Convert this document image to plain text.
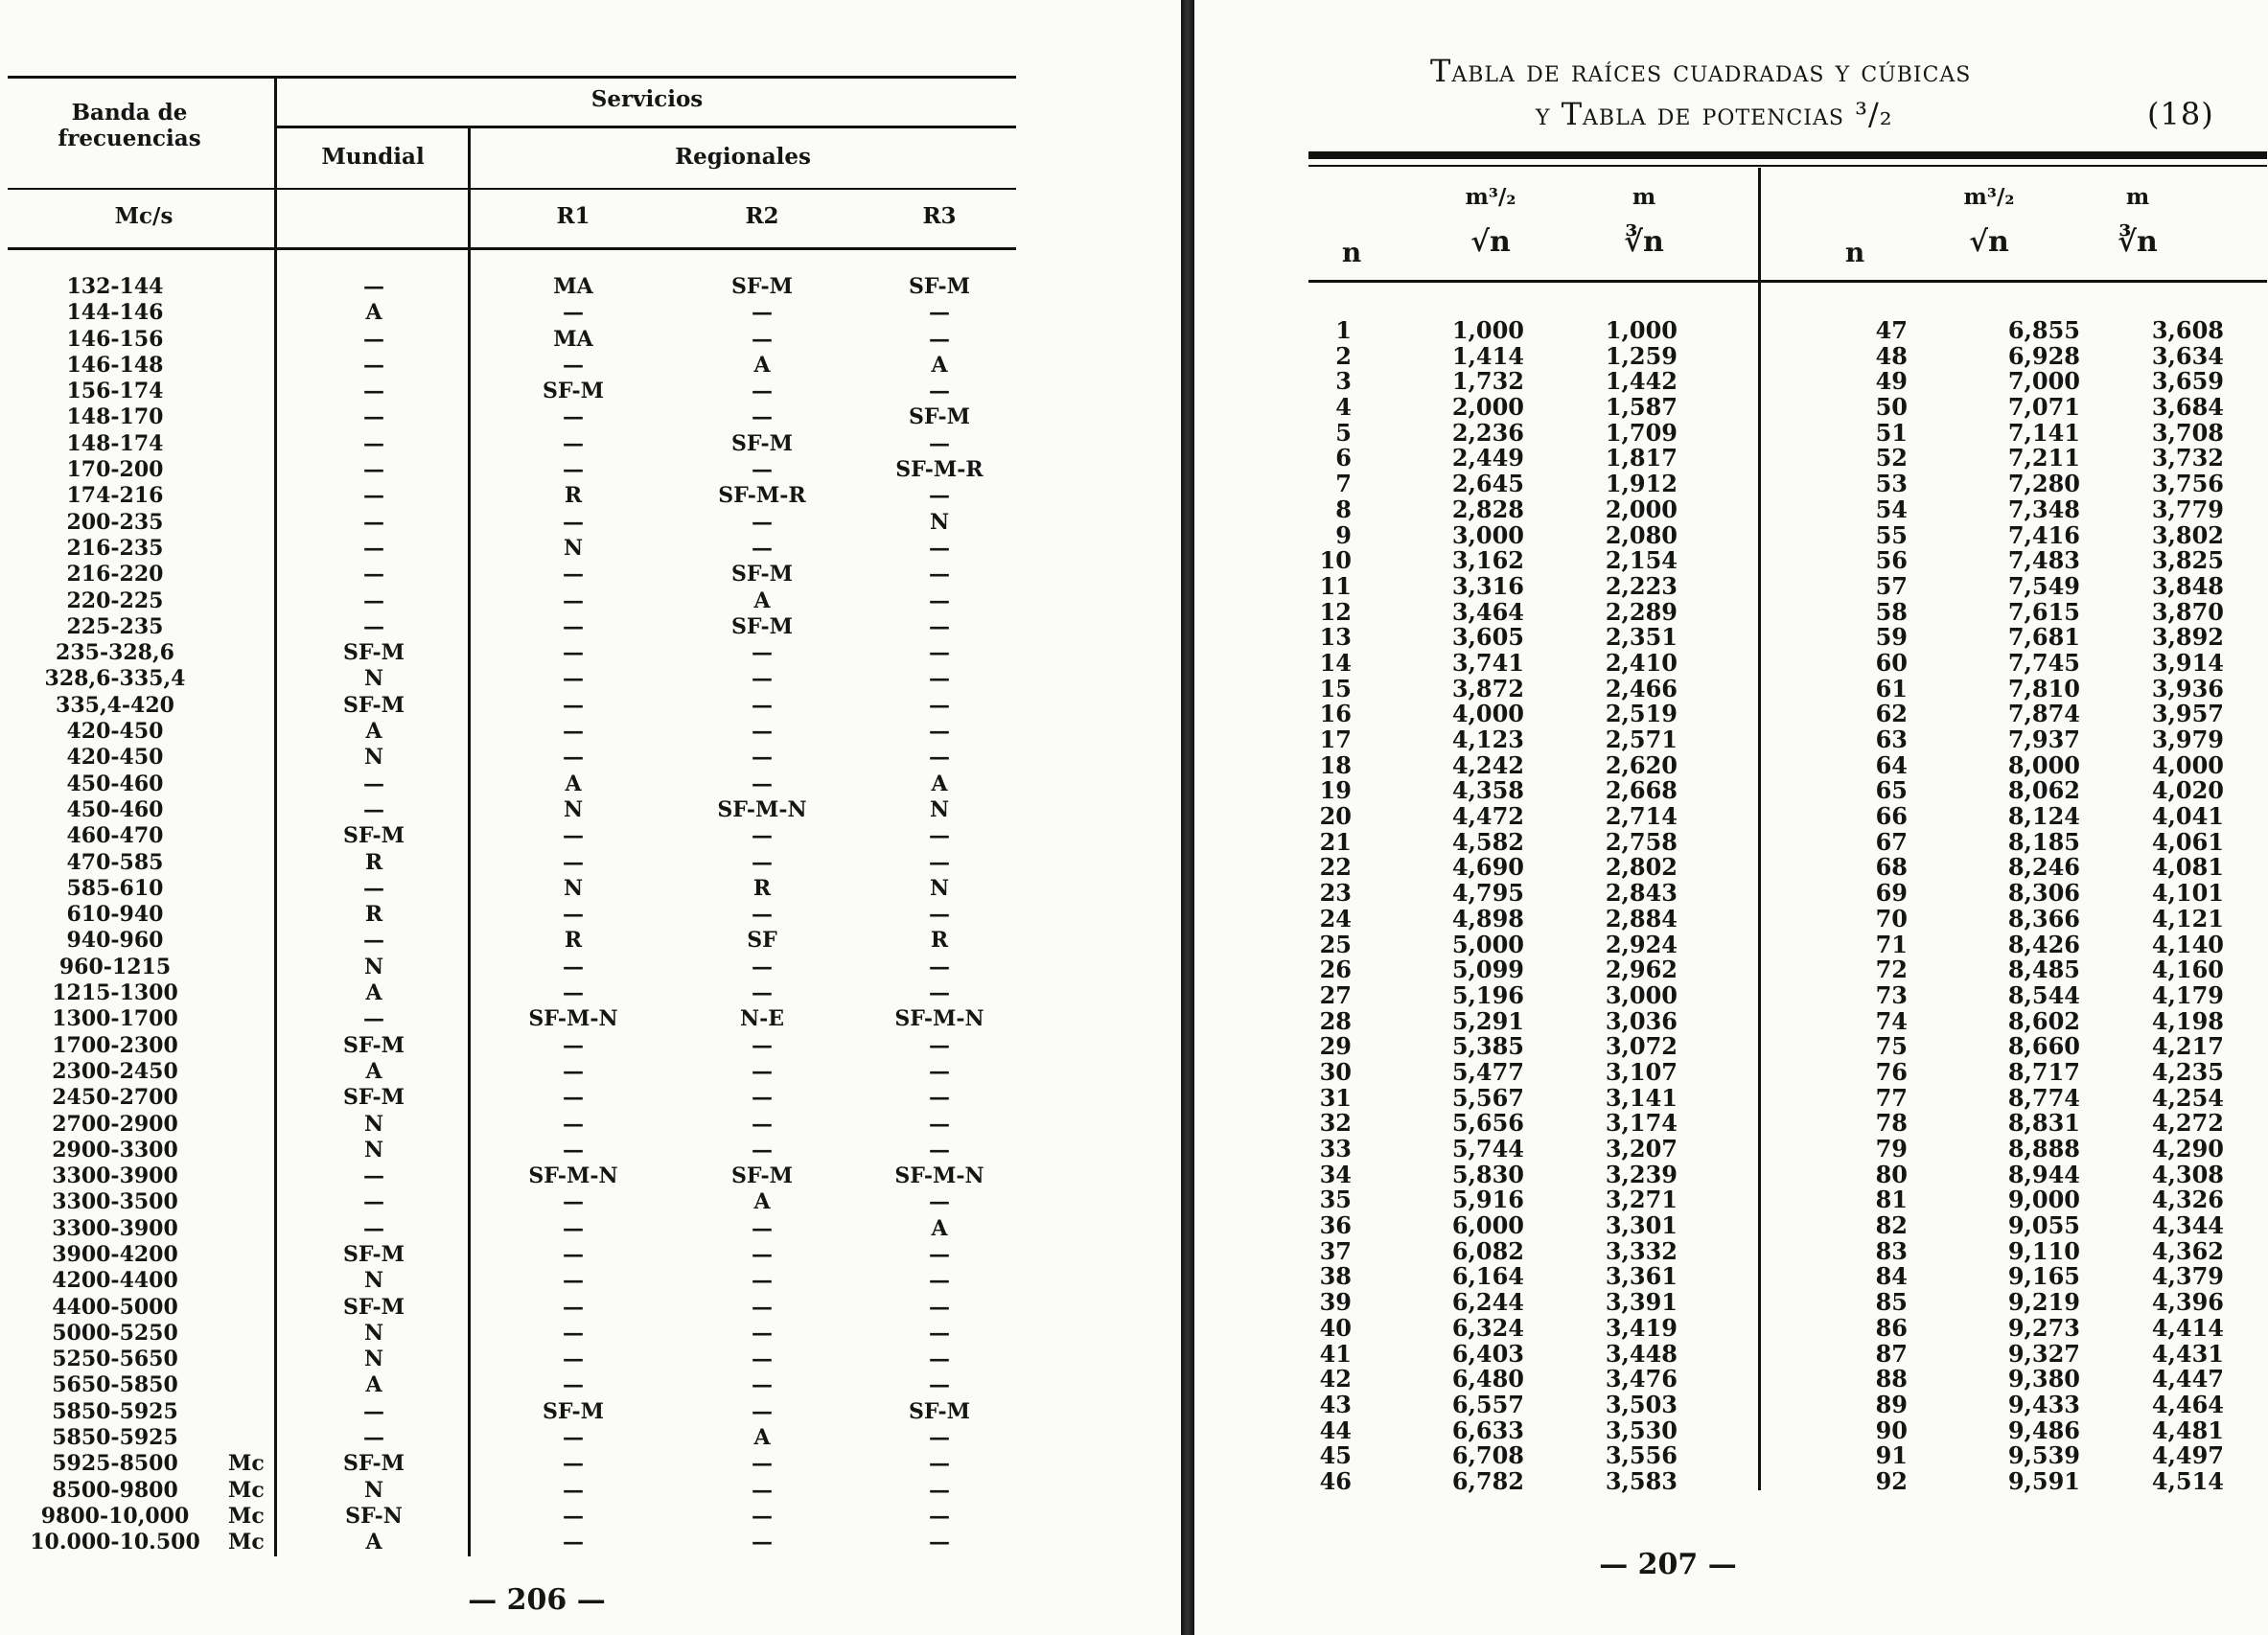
Banda de frecuencias
Servicios
Mundial	Regionales
Mc/s	R1	R2	R3
132-144	—	MA	SF-M	SF-M
144-146	A	—	—	—
146-156	—	MA	—	—
146-148	—	—	A	A
156-174	—	SF-M	—	—
148-170	—	—	—	SF-M
148-174	—	—	SF-M	—
170-200	—	—	—	SF-M-R
174-216	—	R	SF-M-R	—
200-235	—	—	—	N
216-235	—	N	—	—
216-220	—	—	SF-M	—
220-225	—	—	A	—
225-235	—	—	SF-M	—
235-328,6	SF-M	—	—	—
328,6-335,4	N	—	—	—
335,4-420	SF-M	—	—	—
420-450	A	—	—	—
420-450	N	—	—	—
450-460	—	A	—	A
450-460	—	N	SF-M-N	N
460-470	SF-M	—	—	—
470-585	R	—	—	—
585-610	—	N	R	N
610-940	R	—	—	—
940-960	—	R	SF	R
960-1215	N	—	—	—
1215-1300	A	—	—	—
1300-1700	—	SF-M-N	N-E	SF-M-N
1700-2300	SF-M	—	—	—
2300-2450	A	—	—	—
2450-2700	SF-M	—	—	—
2700-2900	N	—	—	—
2900-3300	N	—	—	—
3300-3900	—	SF-M-N	SF-M	SF-M-N
3300-3500	—	—	A	—
3300-3900	—	—	—	A
3900-4200	SF-M	—	—	—
4200-4400	N	—	—	—
4400-5000	SF-M	—	—	—
5000-5250	N	—	—	—
5250-5650	N	—	—	—
5650-5850	A	—	—	—
5850-5925	—	SF-M	—	SF-M
5850-5925	—	—	A	—
5925-8500	Mc	SF-M	—	—	—
8500-9800	Mc	N	—	—	—
9800-10,000	Mc	SF-N	—	—	—
10.000-10.500	Mc	A	—	—	—
— 206 —
Tabla de raíces cuadradas y cúbicas
y Tabla de potencias ³/₂	(18)
m³/₂	m
n	√n	∛n
m³/₂	m
n	√n	∛n
1	1,000	1,000
2	1,414	1,259
3	1,732	1,442
4	2,000	1,587
5	2,236	1,709
6	2,449	1,817
7	2,645	1,912
8	2,828	2,000
9	3,000	2,080
10	3,162	2,154
11	3,316	2,223
12	3,464	2,289
13	3,605	2,351
14	3,741	2,410
15	3,872	2,466
16	4,000	2,519
17	4,123	2,571
18	4,242	2,620
19	4,358	2,668
20	4,472	2,714
21	4,582	2,758
22	4,690	2,802
23	4,795	2,843
24	4,898	2,884
25	5,000	2,924
26	5,099	2,962
27	5,196	3,000
28	5,291	3,036
29	5,385	3,072
30	5,477	3,107
31	5,567	3,141
32	5,656	3,174
33	5,744	3,207
34	5,830	3,239
35	5,916	3,271
36	6,000	3,301
37	6,082	3,332
38	6,164	3,361
39	6,244	3,391
40	6,324	3,419
41	6,403	3,448
42	6,480	3,476
43	6,557	3,503
44	6,633	3,530
45	6,708	3,556
46	6,782	3,583
47	6,855	3,608
48	6,928	3,634
49	7,000	3,659
50	7,071	3,684
51	7,141	3,708
52	7,211	3,732
53	7,280	3,756
54	7,348	3,779
55	7,416	3,802
56	7,483	3,825
57	7,549	3,848
58	7,615	3,870
59	7,681	3,892
60	7,745	3,914
61	7,810	3,936
62	7,874	3,957
63	7,937	3,979
64	8,000	4,000
65	8,062	4,020
66	8,124	4,041
67	8,185	4,061
68	8,246	4,081
69	8,306	4,101
70	8,366	4,121
71	8,426	4,140
72	8,485	4,160
73	8,544	4,179
74	8,602	4,198
75	8,660	4,217
76	8,717	4,235
77	8,774	4,254
78	8,831	4,272
79	8,888	4,290
80	8,944	4,308
81	9,000	4,326
82	9,055	4,344
83	9,110	4,362
84	9,165	4,379
85	9,219	4,396
86	9,273	4,414
87	9,327	4,431
88	9,380	4,447
89	9,433	4,464
90	9,486	4,481
91	9,539	4,497
92	9,591	4,514
— 207 —
